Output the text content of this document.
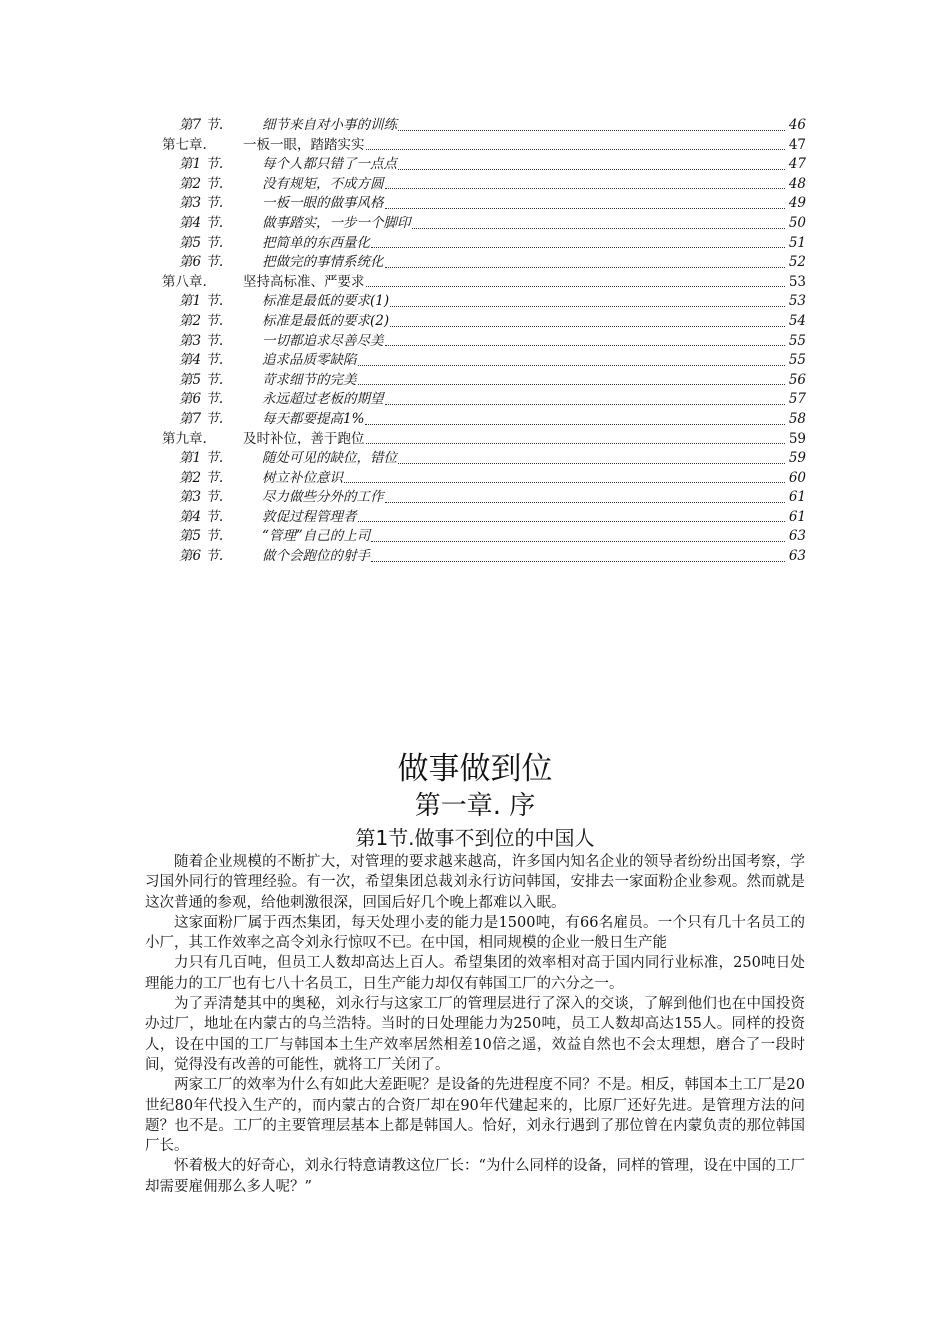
第7 节.	细节来自对小事的训练	46
第七章.	一板一眼，踏踏实实	47
第1 节.	每个人都只错了一点点	47
第2 节.	没有规矩，不成方圆	48
第3 节.	一板一眼的做事风格	49
第4 节.	做事踏实，一步一个脚印	50
第5 节.	把简单的东西量化	51
第6 节.	把做完的事情系统化	52
第八章.	坚持高标准、严要求	53
第1 节.	标准是最低的要求(1)	53
第2 节.	标准是最低的要求(2)	54
第3 节.	一切都追求尽善尽美	55
第4 节.	追求品质零缺陷	55
第5 节.	苛求细节的完美	56
第6 节.	永远超过老板的期望	57
第7 节.	每天都要提高1%	58
第九章.	及时补位，善于跑位	59
第1 节.	随处可见的缺位，错位	59
第2 节.	树立补位意识	60
第3 节.	尽力做些分外的工作	61
第4 节.	敦促过程管理者	61
第5 节.	“管理”自己的上司	63
第6 节.	做个会跑位的射手	63
做事做到位
第一章. 序
第1节.做事不到位的中国人

随着企业规模的不断扩大，对管理的要求越来越高，许多国内知名企业的领导者纷纷出国考察，学习国外同行的管理经验。有一次，希望集团总裁刘永行访问韩国，安排去一家面粉企业参观。然而就是这次普通的参观，给他刺激很深，回国后好几个晚上都难以入眠。

这家面粉厂属于西杰集团，每天处理小麦的能力是1500吨，有66名雇员。一个只有几十名员工的小厂，其工作效率之高令刘永行惊叹不已。在中国，相同规模的企业一般日生产能

力只有几百吨，但员工人数却高达上百人。希望集团的效率相对高于国内同行业标准，250吨日处理能力的工厂也有七八十名员工，日生产能力却仅有韩国工厂的六分之一。

为了弄清楚其中的奥秘，刘永行与这家工厂的管理层进行了深入的交谈，了解到他们也在中国投资办过厂，地址在内蒙古的乌兰浩特。当时的日处理能力为250吨，员工人数却高达155人。同样的投资人，设在中国的工厂与韩国本土生产效率居然相差10倍之遥，效益自然也不会太理想，磨合了一段时间，觉得没有改善的可能性，就将工厂关闭了。

两家工厂的效率为什么有如此大差距呢？是设备的先进程度不同？不是。相反，韩国本土工厂是20世纪80年代投入生产的，而内蒙古的合资厂却在90年代建起来的，比原厂还好先进。是管理方法的问题？也不是。工厂的主要管理层基本上都是韩国人。恰好，刘永行遇到了那位曾在内蒙负责的那位韩国厂长。

怀着极大的好奇心，刘永行特意请教这位厂长：“为什么同样的设备，同样的管理，设在中国的工厂却需要雇佣那么多人呢？”
